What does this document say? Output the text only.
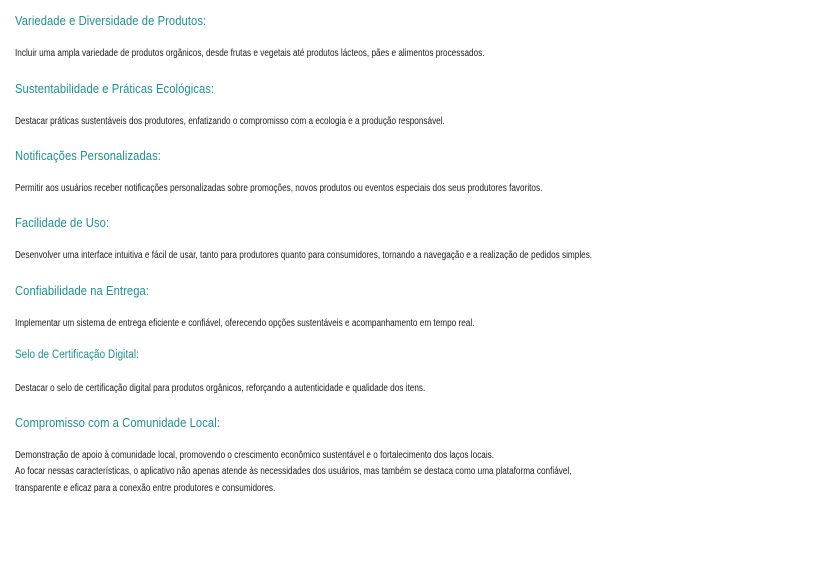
Variedade e Diversidade de Produtos:
Incluir uma ampla variedade de produtos orgânicos, desde frutas e vegetais até produtos lácteos, pães e alimentos processados.
Sustentabilidade e Práticas Ecológicas:
Destacar práticas sustentáveis dos produtores, enfatizando o compromisso com a ecologia e a produção responsável.
Notificações Personalizadas:
Permitir aos usuários receber notificações personalizadas sobre promoções, novos produtos ou eventos especiais dos seus produtores favoritos.
Facilidade de Uso:
Desenvolver uma interface intuitiva e fácil de usar, tanto para produtores quanto para consumidores, tornando a navegação e a realização de pedidos simples.
Confiabilidade na Entrega:
Implementar um sistema de entrega eficiente e confiável, oferecendo opções sustentáveis e acompanhamento em tempo real.
Selo de Certificação Digital:
Destacar o selo de certificação digital para produtos orgânicos, reforçando a autenticidade e qualidade dos itens.
Compromisso com a Comunidade Local:
Demonstração de apoio à comunidade local, promovendo o crescimento econômico sustentável e o fortalecimento dos laços locais.
Ao focar nessas características, o aplicativo não apenas atende às necessidades dos usuários, mas também se destaca como uma plataforma confiável,
transparente e eficaz para a conexão entre produtores e consumidores.
